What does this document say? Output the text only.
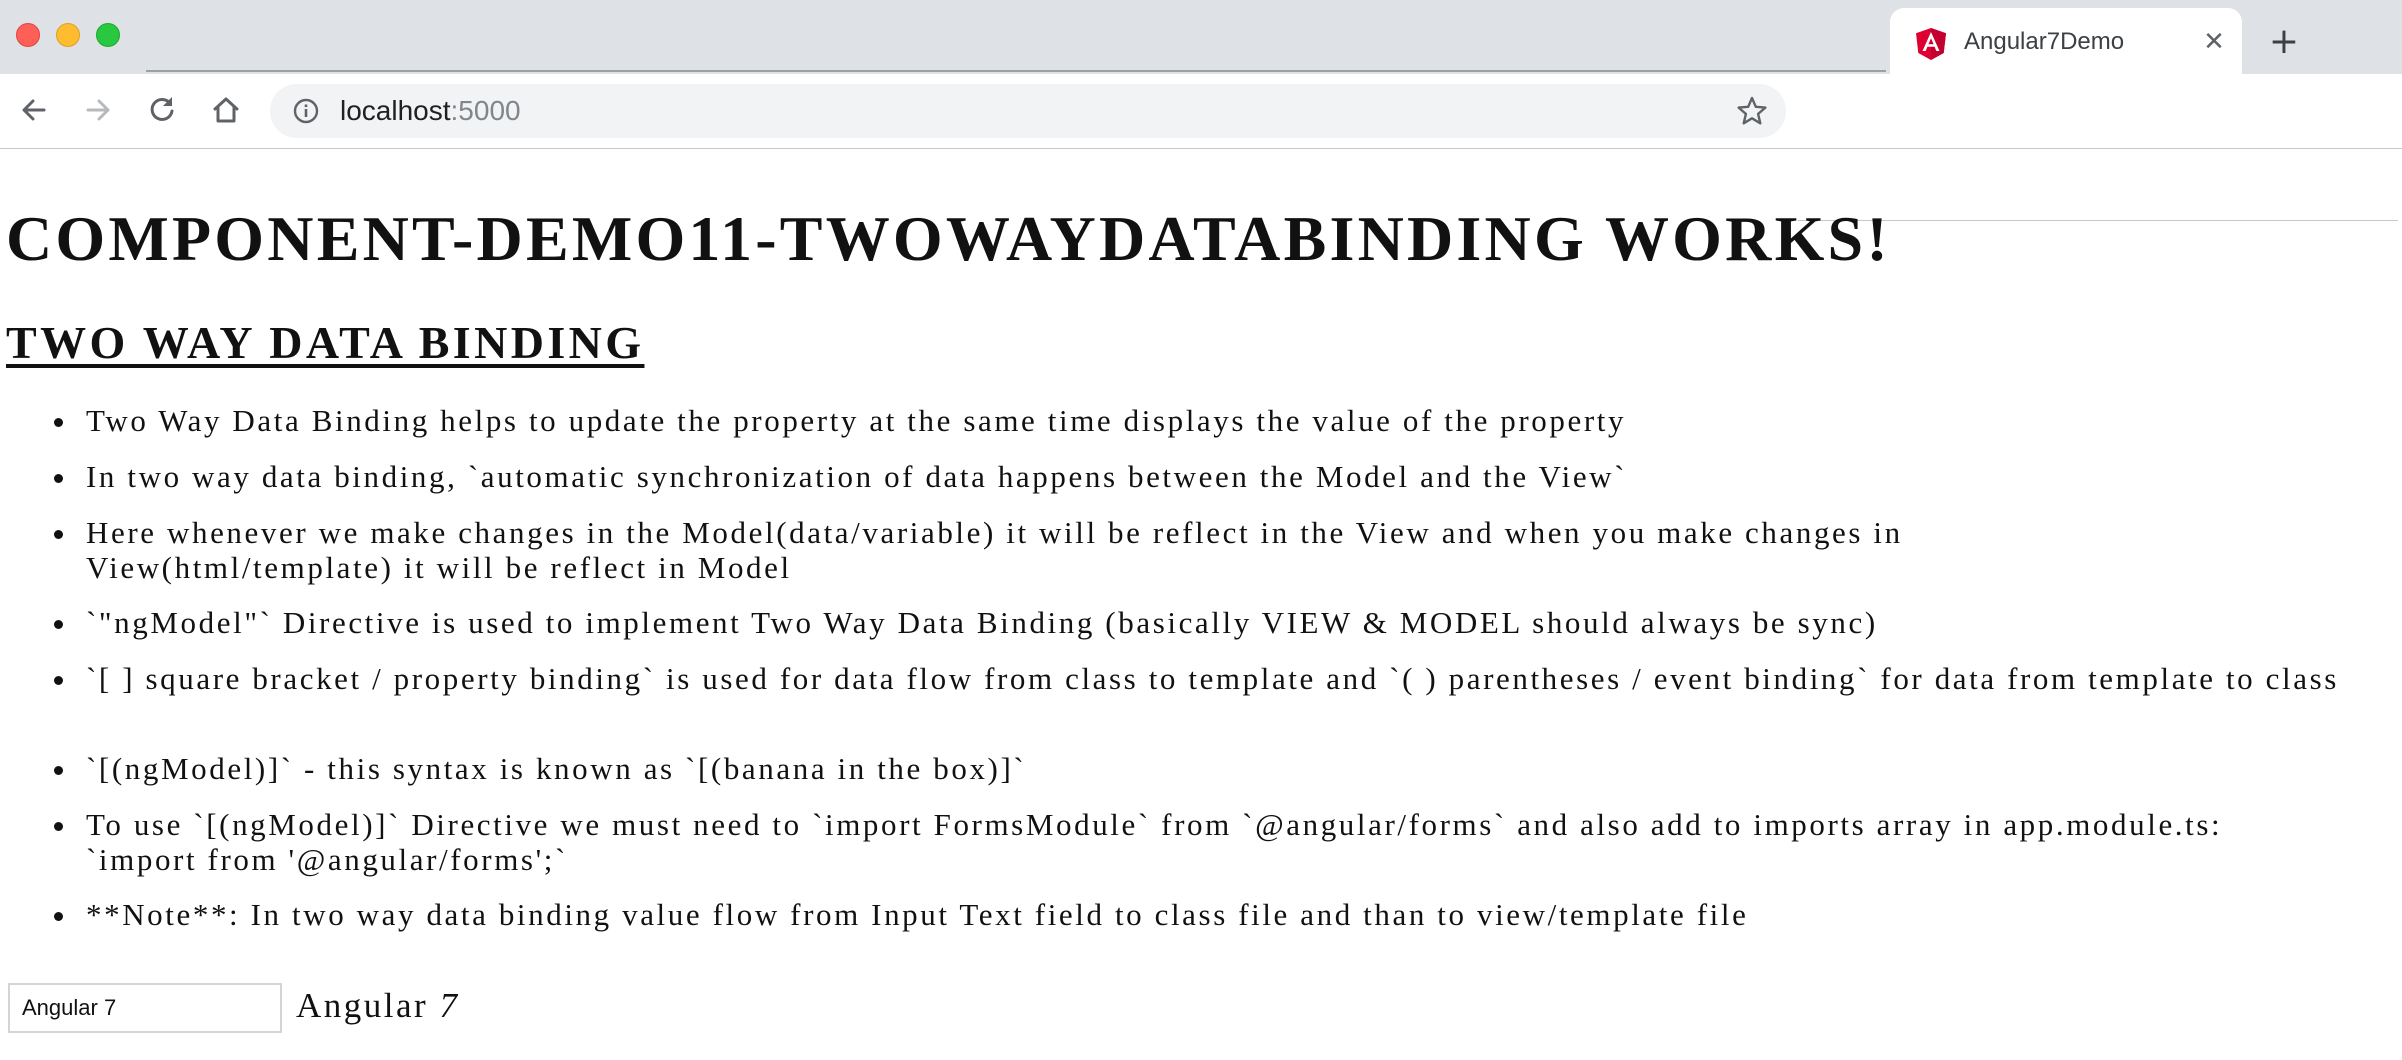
Angular7Demo	✕ +
localhost:5000
COMPONENT-DEMO11-TWOWAYDATABINDING WORKS!
TWO WAY DATA BINDING
Two Way Data Binding helps to update the property at the same time displays the value of the property
In two way data binding, `automatic synchronization of data happens between the Model and the View`
Here whenever we make changes in the Model(data/variable) it will be reflect in the View and when you make changes in View(html/template) it will be reflect in Model
`"ngModel"` Directive is used to implement Two Way Data Binding (basically VIEW & MODEL should always be sync)
`[ ] square bracket / property binding` is used for data flow from class to template and `( ) parentheses / event binding` for data from template to class
`[(ngModel)]` - this syntax is known as `[(banana in the box)]`
To use `[(ngModel)]` Directive we must need to `import FormsModule` from `@angular/forms` and also add to imports array in app.module.ts: `import from '@angular/forms';`
**Note**: In two way data binding value flow from Input Text field to class file and than to view/template file
Angular 7
Angular 7
